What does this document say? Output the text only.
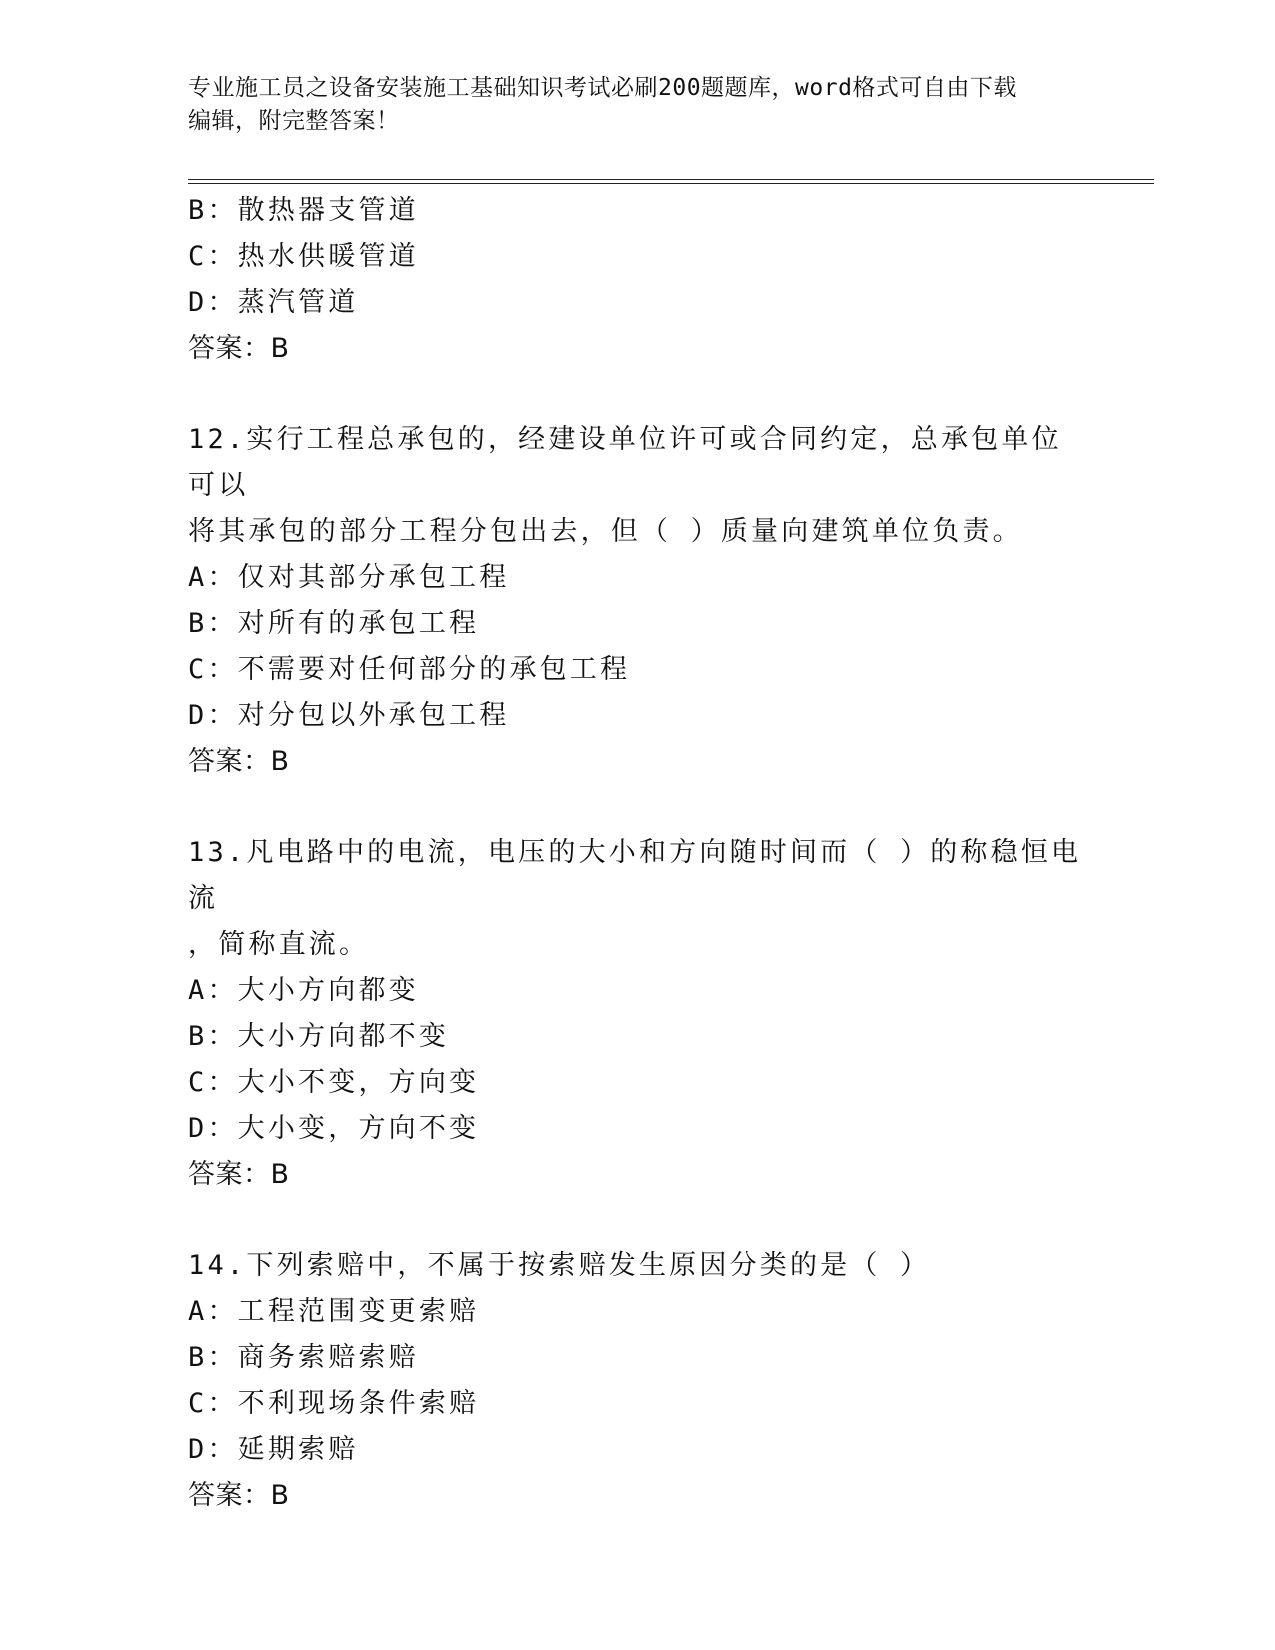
专业施工员之设备安装施工基础知识考试必刷200题题库，word格式可自由下载
编辑，附完整答案！
B：散热器支管道
C：热水供暖管道
D：蒸汽管道
答案：B
12.实行工程总承包的，经建设单位许可或合同约定，总承包单位可以
将其承包的部分工程分包出去，但（ ）质量向建筑单位负责。
A：仅对其部分承包工程
B：对所有的承包工程
C：不需要对任何部分的承包工程
D：对分包以外承包工程
答案：B
13.凡电路中的电流，电压的大小和方向随时间而（ ）的称稳恒电流
，简称直流。
A：大小方向都变
B：大小方向都不变
C：大小不变，方向变
D：大小变，方向不变
答案：B
14.下列索赔中，不属于按索赔发生原因分类的是（ ）
A：工程范围变更索赔
B：商务索赔索赔
C：不利现场条件索赔
D：延期索赔
答案：B
